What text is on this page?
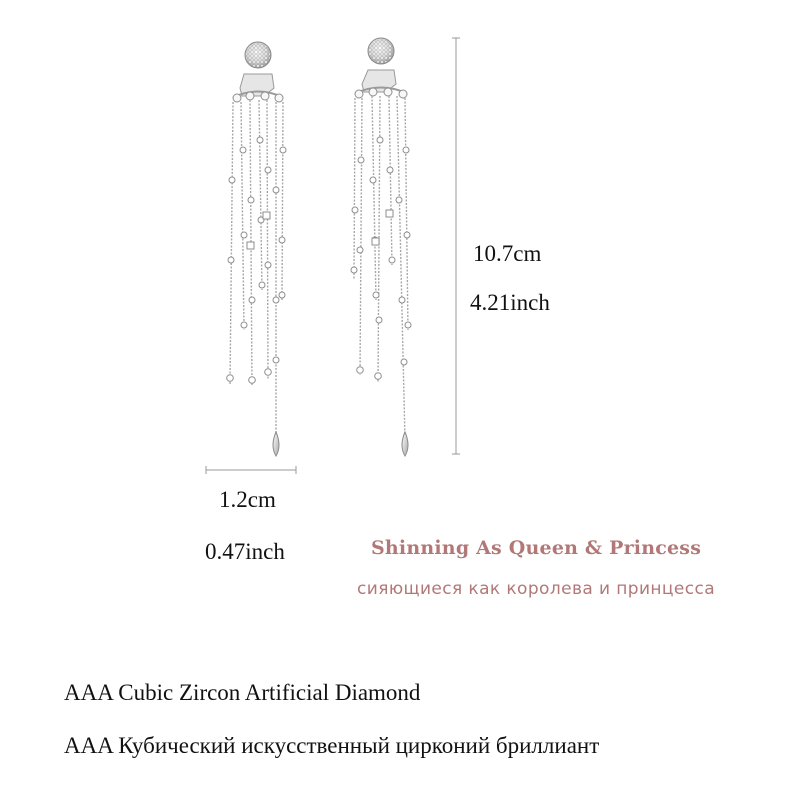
10.7cm
4.21inch
1.2cm
0.47inch	Shinning As Queen & Princess
сияющиеся как королева и принцесса
AAA Cubic Zircon Artificial Diamond
AAA Кубический искусственный цирконий бриллиант
